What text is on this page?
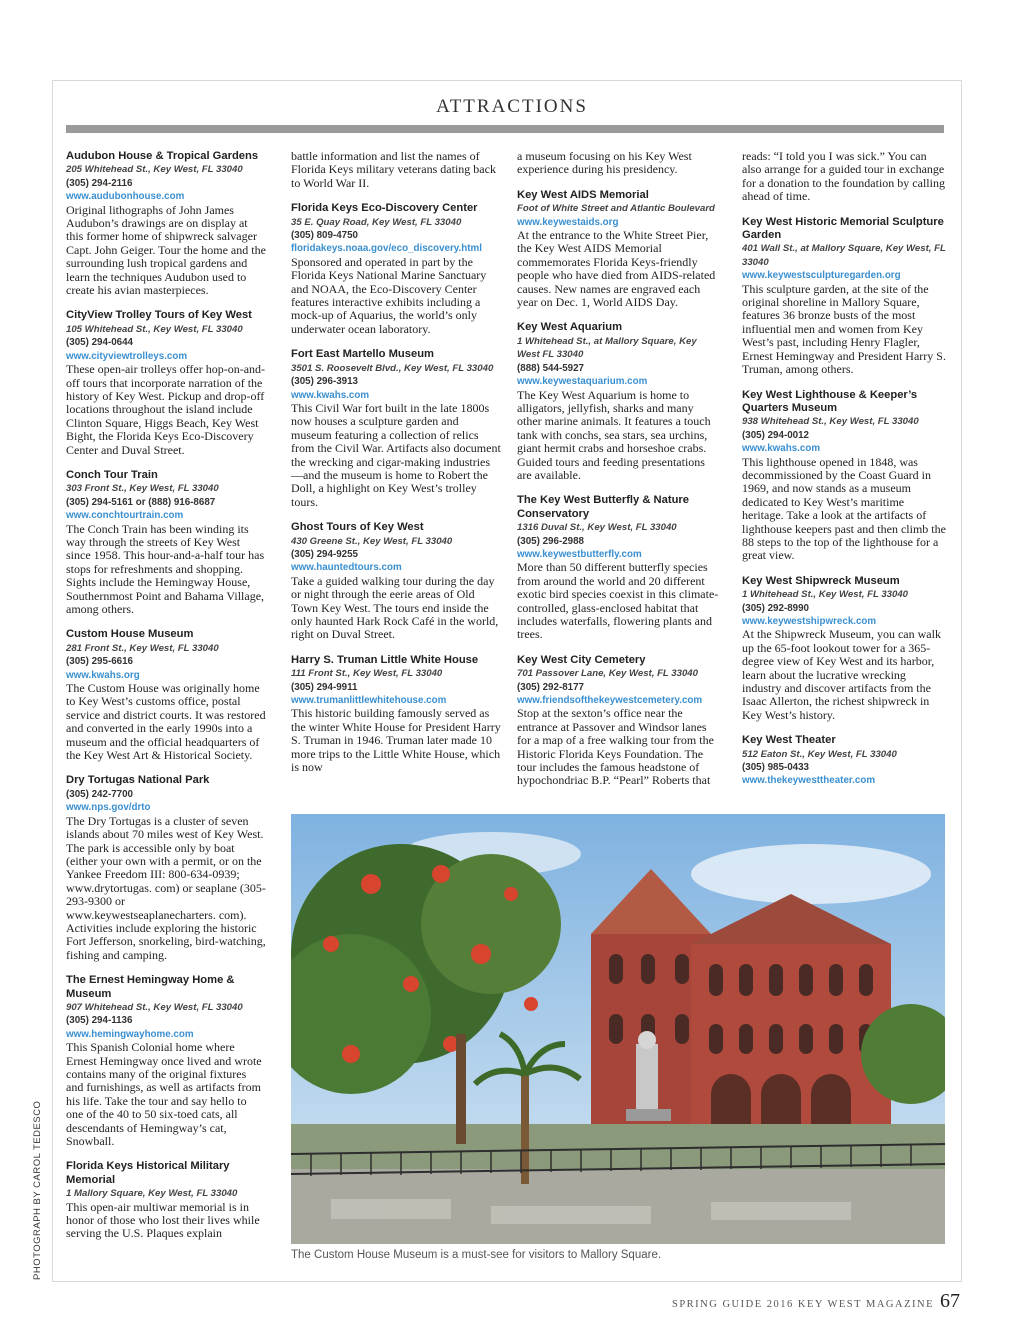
ATTRACTIONS
Audubon House & Tropical Gardens
205 Whitehead St., Key West, FL 33040
(305) 294-2116
www.audubonhouse.com
Original lithographs of John James Audubon’s drawings are on display at this former home of shipwreck salvager Capt. John Geiger. Tour the home and the surrounding lush tropical gardens and learn the techniques Audubon used to create his avian masterpieces.
CityView Trolley Tours of Key West
105 Whitehead St., Key West, FL 33040
(305) 294-0644
www.cityviewtrolleys.com
These open-air trolleys offer hop-on-and-off tours that incorporate narration of the history of Key West. Pickup and drop-off locations throughout the island include Clinton Square, Higgs Beach, Key West Bight, the Florida Keys Eco-Discovery Center and Duval Street.
Conch Tour Train
303 Front St., Key West, FL 33040
(305) 294-5161 or (888) 916-8687
www.conchtourtrain.com
The Conch Train has been winding its way through the streets of Key West since 1958. This hour-and-a-half tour has stops for refreshments and shopping. Sights include the Hemingway House, Southernmost Point and Bahama Village, among others.
Custom House Museum
281 Front St., Key West, FL 33040
(305) 295-6616
www.kwahs.org
The Custom House was originally home to Key West’s customs office, postal service and district courts. It was restored and converted in the early 1990s into a museum and the official headquarters of the Key West Art & Historical Society.
Dry Tortugas National Park
(305) 242-7700
www.nps.gov/drto
The Dry Tortugas is a cluster of seven islands about 70 miles west of Key West. The park is accessible only by boat (either your own with a permit, or on the Yankee Freedom III: 800-634-0939; www.drytortugas. com) or seaplane (305-293-9300 or www.keywestseaplanecharters. com). Activities include exploring the historic Fort Jefferson, snorkeling, bird-watching, fishing and camping.
The Ernest Hemingway Home & Museum
907 Whitehead St., Key West, FL 33040
(305) 294-1136
www.hemingwayhome.com
This Spanish Colonial home where Ernest Hemingway once lived and wrote contains many of the original fixtures and furnishings, as well as artifacts from his life. Take the tour and say hello to one of the 40 to 50 six-toed cats, all descendants of Hemingway’s cat, Snowball.
Florida Keys Historical Military Memorial
1 Mallory Square, Key West, FL 33040
This open-air multiwar memorial is in honor of those who lost their lives while serving the U.S. Plaques explain
battle information and list the names of Florida Keys military veterans dating back to World War II.
Florida Keys Eco-Discovery Center
35 E. Quay Road, Key West, FL 33040
(305) 809-4750
floridakeys.noaa.gov/eco_discovery.html
Sponsored and operated in part by the Florida Keys National Marine Sanctuary and NOAA, the Eco-Discovery Center features interactive exhibits including a mock-up of Aquarius, the world’s only underwater ocean laboratory.
Fort East Martello Museum
3501 S. Roosevelt Blvd., Key West, FL 33040
(305) 296-3913
www.kwahs.com
This Civil War fort built in the late 1800s now houses a sculpture garden and museum featuring a collection of relics from the Civil War. Artifacts also document the wrecking and cigar-making industries—and the museum is home to Robert the Doll, a highlight on Key West’s trolley tours.
Ghost Tours of Key West
430 Greene St., Key West, FL 33040
(305) 294-9255
www.hauntedtours.com
Take a guided walking tour during the day or night through the eerie areas of Old Town Key West. The tours end inside the only haunted Hark Rock Café in the world, right on Duval Street.
Harry S. Truman Little White House
111 Front St., Key West, FL 33040
(305) 294-9911
www.trumanlittlewhitehouse.com
This historic building famously served as the winter White House for President Harry S. Truman in 1946. Truman later made 10 more trips to the Little White House, which is now
a museum focusing on his Key West experience during his presidency.
Key West AIDS Memorial
Foot of White Street and Atlantic Boulevard
www.keywestaids.org
At the entrance to the White Street Pier, the Key West AIDS Memorial commemorates Florida Keys-friendly people who have died from AIDS-related causes. New names are engraved each year on Dec. 1, World AIDS Day.
Key West Aquarium
1 Whitehead St., at Mallory Square, Key West FL 33040
(888) 544-5927
www.keywestaquarium.com
The Key West Aquarium is home to alligators, jellyfish, sharks and many other marine animals. It features a touch tank with conchs, sea stars, sea urchins, giant hermit crabs and horseshoe crabs. Guided tours and feeding presentations are available.
The Key West Butterfly & Nature Conservatory
1316 Duval St., Key West, FL 33040
(305) 296-2988
www.keywestbutterfly.com
More than 50 different butterfly species from around the world and 20 different exotic bird species coexist in this climate-controlled, glass-enclosed habitat that includes waterfalls, flowering plants and trees.
Key West City Cemetery
701 Passover Lane, Key West, FL 33040
(305) 292-8177
www.friendsofthekeywestcemetery.com
Stop at the sexton’s office near the entrance at Passover and Windsor lanes for a map of a free walking tour from the Historic Florida Keys Foundation. The tour includes the famous headstone of hypochondriac B.P. “Pearl” Roberts that
reads: “I told you I was sick.” You can also arrange for a guided tour in exchange for a donation to the foundation by calling ahead of time.
Key West Historic Memorial Sculpture Garden
401 Wall St., at Mallory Square, Key West, FL 33040
www.keywestsculpturegarden.org
This sculpture garden, at the site of the original shoreline in Mallory Square, features 36 bronze busts of the most influential men and women from Key West’s past, including Henry Flagler, Ernest Hemingway and President Harry S. Truman, among others.
Key West Lighthouse & Keeper’s Quarters Museum
938 Whitehead St., Key West, FL 33040
(305) 294-0012
www.kwahs.com
This lighthouse opened in 1848, was decommissioned by the Coast Guard in 1969, and now stands as a museum dedicated to Key West’s maritime heritage. Take a look at the artifacts of lighthouse keepers past and then climb the 88 steps to the top of the lighthouse for a great view.
Key West Shipwreck Museum
1 Whitehead St., Key West, FL 33040
(305) 292-8990
www.keywestshipwreck.com
At the Shipwreck Museum, you can walk up the 65-foot lookout tower for a 365-degree view of Key West and its harbor, learn about the lucrative wrecking industry and discover artifacts from the Isaac Allerton, the richest shipwreck in Key West’s history.
Key West Theater
512 Eaton St., Key West, FL 33040
(305) 985-0433
www.thekeywesttheater.com
The Custom House Museum is a must-see for visitors to Mallory Square.
PHOTOGRAPH BY CAROL TEDESCO
SPRING GUIDE 2016 KEY WEST MAGAZINE 67
